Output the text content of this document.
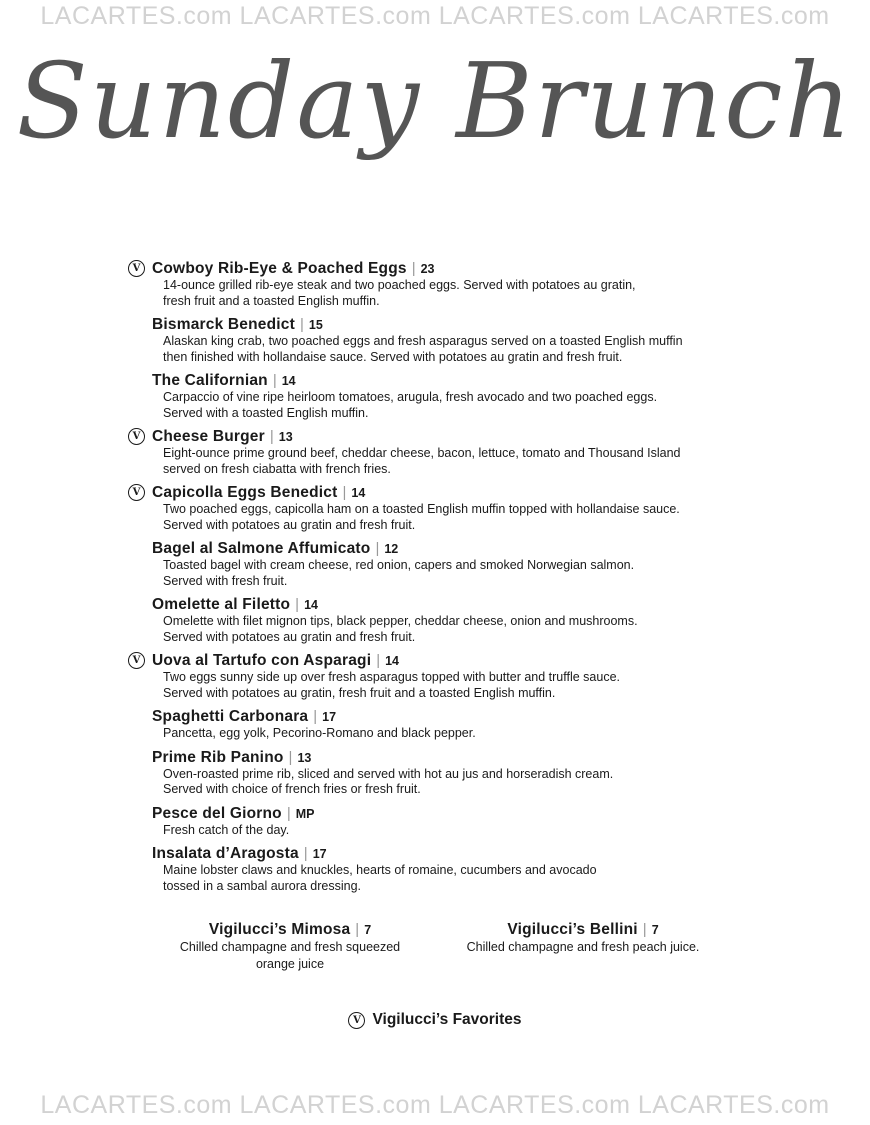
LACARTES.com LACARTES.com LACARTES.com LACARTES.com
Sunday Brunch
V Cowboy Rib-Eye & Poached Eggs | 23
14-ounce grilled rib-eye steak and two poached eggs. Served with potatoes au gratin,
fresh fruit and a toasted English muffin.
Bismarck Benedict | 15
Alaskan king crab, two poached eggs and fresh asparagus served on a toasted English muffin
then finished with hollandaise sauce. Served with potatoes au gratin and fresh fruit.
The Californian | 14
Carpaccio of vine ripe heirloom tomatoes, arugula, fresh avocado and two poached eggs.
Served with a toasted English muffin.
V Cheese Burger | 13
Eight-ounce prime ground beef, cheddar cheese, bacon, lettuce, tomato and Thousand Island
served on fresh ciabatta with french fries.
V Capicolla Eggs Benedict | 14
Two poached eggs, capicolla ham on a toasted English muffin topped with hollandaise sauce.
Served with potatoes au gratin and fresh fruit.
Bagel al Salmone Affumicato | 12
Toasted bagel with cream cheese, red onion, capers and smoked Norwegian salmon.
Served with fresh fruit.
Omelette al Filetto | 14
Omelette with filet mignon tips, black pepper, cheddar cheese, onion and mushrooms.
Served with potatoes au gratin and fresh fruit.
V Uova al Tartufo con Asparagi | 14
Two eggs sunny side up over fresh asparagus topped with butter and truffle sauce.
Served with potatoes au gratin, fresh fruit and a toasted English muffin.
Spaghetti Carbonara | 17
Pancetta, egg yolk, Pecorino-Romano and black pepper.
Prime Rib Panino | 13
Oven-roasted prime rib, sliced and served with hot au jus and horseradish cream.
Served with choice of french fries or fresh fruit.
Pesce del Giorno | MP
Fresh catch of the day.
Insalata d’Aragosta | 17
Maine lobster claws and knuckles, hearts of romaine, cucumbers and avocado
tossed in a sambal aurora dressing.
Vigilucci’s Mimosa | 7
Chilled champagne and fresh squeezed
orange juice
Vigilucci’s Bellini | 7
Chilled champagne and fresh peach juice.
V Vigilucci’s Favorites
LACARTES.com LACARTES.com LACARTES.com LACARTES.com
